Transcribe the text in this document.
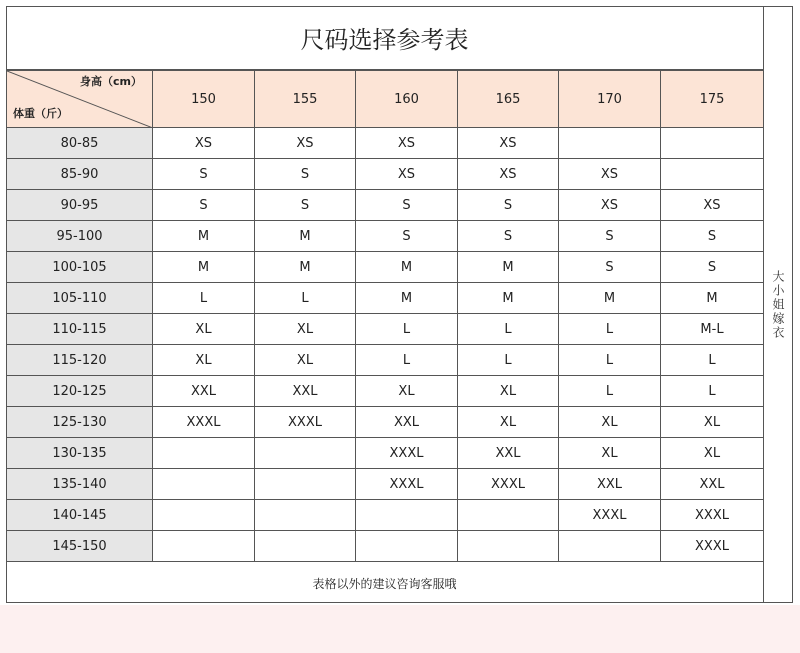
尺码选择参考表
大小姐嫁衣
身高（cm）
体重（斤）	150	155	160	165	170	175
80-85	XS	XS	XS	XS		
85-90	S	S	XS	XS	XS	
90-95	S	S	S	S	XS	XS
95-100	M	M	S	S	S	S
100-105	M	M	M	M	S	S
105-110	L	L	M	M	M	M
110-115	XL	XL	L	L	L	M-L
115-120	XL	XL	L	L	L	L
120-125	XXL	XXL	XL	XL	L	L
125-130	XXXL	XXXL	XXL	XL	XL	XL
130-135			XXXL	XXL	XL	XL
135-140			XXXL	XXXL	XXL	XXL
140-145					XXXL	XXXL
145-150						XXXL
表格以外的建议咨询客服哦
